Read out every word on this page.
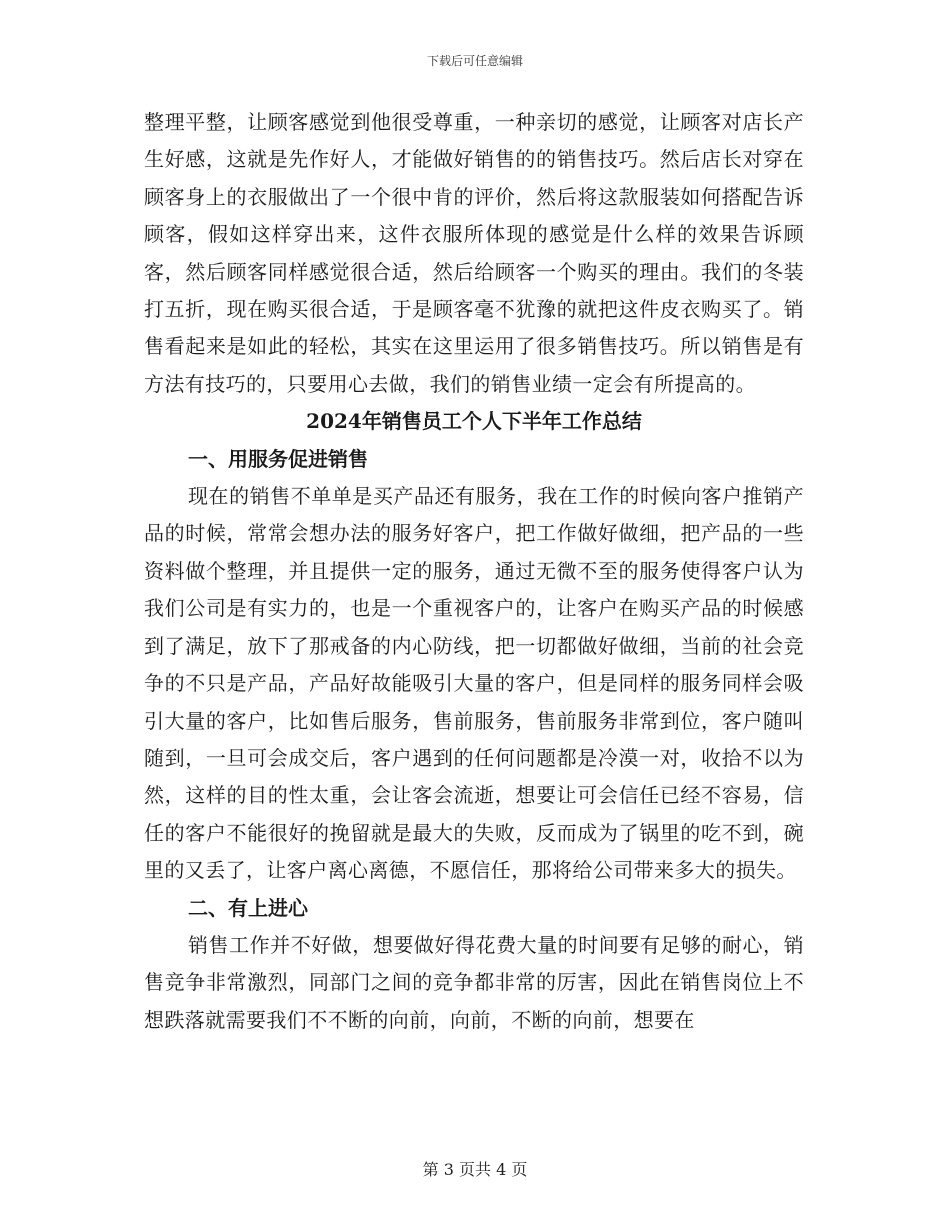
下载后可任意编辑

整理平整，让顾客感觉到他很受尊重，一种亲切的感觉，让顾客对店长产生好感，这就是先作好人，才能做好销售的的销售技巧。然后店长对穿在顾客身上的衣服做出了一个很中肯的评价，然后将这款服装如何搭配告诉顾客，假如这样穿出来，这件衣服所体现的感觉是什么样的效果告诉顾客，然后顾客同样感觉很合适，然后给顾客一个购买的理由。我们的冬装打五折，现在购买很合适，于是顾客毫不犹豫的就把这件皮衣购买了。销售看起来是如此的轻松，其实在这里运用了很多销售技巧。所以销售是有方法有技巧的，只要用心去做，我们的销售业绩一定会有所提高的。

2024年销售员工个人下半年工作总结
一、用服务促进销售

现在的销售不单单是买产品还有服务，我在工作的时候向客户推销产品的时候，常常会想办法的服务好客户，把工作做好做细，把产品的一些资料做个整理，并且提供一定的服务，通过无微不至的服务使得客户认为我们公司是有实力的，也是一个重视客户的，让客户在购买产品的时候感到了满足，放下了那戒备的内心防线，把一切都做好做细，当前的社会竞争的不只是产品，产品好故能吸引大量的客户，但是同样的服务同样会吸引大量的客户，比如售后服务，售前服务，售前服务非常到位，客户随叫随到，一旦可会成交后，客户遇到的任何问题都是冷漠一对，收拾不以为然，这样的目的性太重，会让客会流逝，想要让可会信任已经不容易，信任的客户不能很好的挽留就是最大的失败，反而成为了锅里的吃不到，碗里的又丢了，让客户离心离德，不愿信任，那将给公司带来多大的损失。

二、有上进心

销售工作并不好做，想要做好得花费大量的时间要有足够的耐心，销售竞争非常激烈，同部门之间的竞争都非常的厉害，因此在销售岗位上不想跌落就需要我们不不断的向前，向前，不断的向前，想要在

第 3 页共 4 页
